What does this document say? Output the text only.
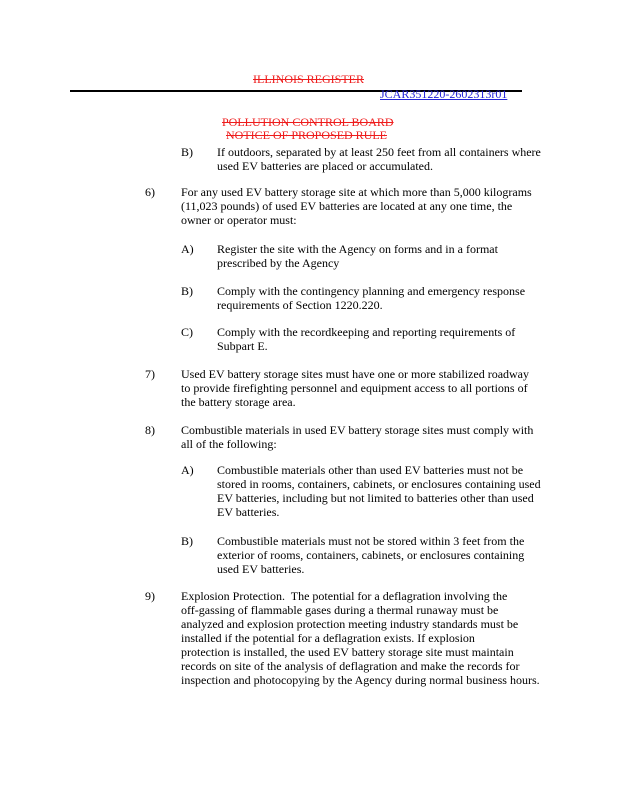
ILLINOIS REGISTER
JCAR351220-2602313r01
POLLUTION CONTROL BOARD
NOTICE OF PROPOSED RULE
B) If outdoors, separated by at least 250 feet from all containers where
used EV batteries are placed or accumulated.
6) For any used EV battery storage site at which more than 5,000 kilograms
(11,023 pounds) of used EV batteries are located at any one time, the
owner or operator must:
A) Register the site with the Agency on forms and in a format
prescribed by the Agency
B) Comply with the contingency planning and emergency response
requirements of Section 1220.220.
C) Comply with the recordkeeping and reporting requirements of
Subpart E.
7) Used EV battery storage sites must have one or more stabilized roadway
to provide firefighting personnel and equipment access to all portions of
the battery storage area.
8) Combustible materials in used EV battery storage sites must comply with
all of the following:
A) Combustible materials other than used EV batteries must not be
stored in rooms, containers, cabinets, or enclosures containing used
EV batteries, including but not limited to batteries other than used
EV batteries.
B) Combustible materials must not be stored within 3 feet from the
exterior of rooms, containers, cabinets, or enclosures containing
used EV batteries.
9) Explosion Protection.  The potential for a deflagration involving the
off-gassing of flammable gases during a thermal runaway must be
analyzed and explosion protection meeting industry standards must be
installed if the potential for a deflagration exists. If explosion
protection is installed, the used EV battery storage site must maintain
records on site of the analysis of deflagration and make the records for
inspection and photocopying by the Agency during normal business hours.
